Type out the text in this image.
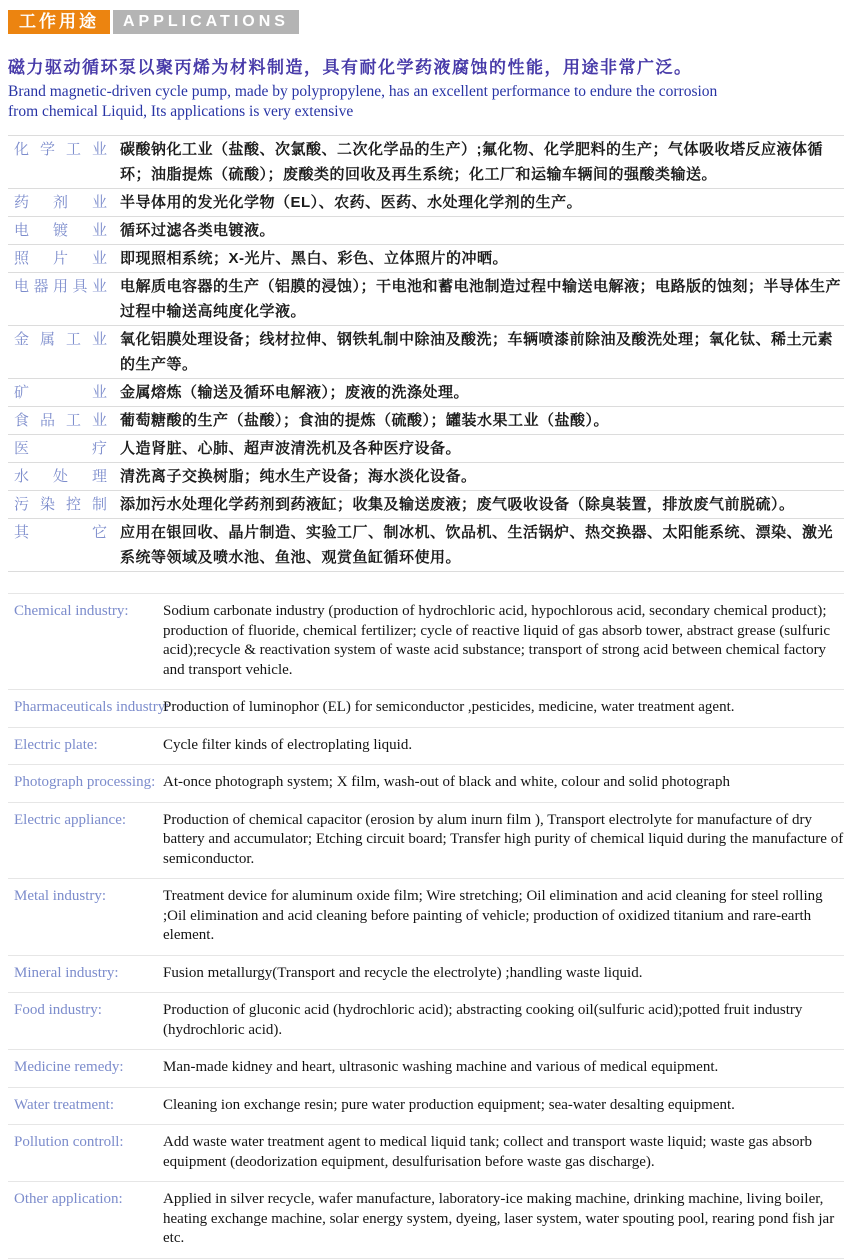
工作用途	APPLICATIONS
磁力驱动循环泵以聚丙烯为材料制造，具有耐化学药液腐蚀的性能，用途非常广泛。
Brand magnetic-driven cycle pump, made by polypropylene, has an excellent performance to endure the corrosion
from chemical Liquid, Its applications is very extensive
化学工业 碳酸钠化工业（盐酸、次氯酸、二次化学品的生产）;氟化物、化学肥料的生产；气体吸收塔反应液体循环；油脂提炼（硫酸）；废酸类的回收及再生系统；化工厂和运输车辆间的强酸类输送。
药剂业 半导体用的发光化学物（EL）、农药、医药、水处理化学剂的生产。
电镀业 循环过滤各类电镀液。
照片业 即现照相系统；X-光片、黑白、彩色、立体照片的冲晒。
电器用具业 电解质电容器的生产（铝膜的浸蚀）；干电池和蓄电池制造过程中输送电解液；电路版的蚀刻；半导体生产过程中输送高纯度化学液。
金属工业 氧化铝膜处理设备；线材拉伸、钢铁轧制中除油及酸洗；车辆喷漆前除油及酸洗处理；氧化钛、稀土元素的生产等。
矿业 金属熔炼（输送及循环电解液）；废液的洗涤处理。
食品工业 葡萄糖酸的生产（盐酸）；食油的提炼（硫酸）；罐装水果工业（盐酸）。
医疗 人造肾脏、心肺、超声波清洗机及各种医疗设备。
水处理 清洗离子交换树脂；纯水生产设备；海水淡化设备。
污染控制 添加污水处理化学药剂到药液缸；收集及输送废液；废气吸收设备（除臭装置，排放废气前脱硫）。
其它 应用在银回收、晶片制造、实验工厂、制冰机、饮品机、生活锅炉、热交换器、太阳能系统、漂染、激光系统等领域及喷水池、鱼池、观赏鱼缸循环使用。
Chemical industry:	Sodium carbonate industry (production of hydrochloric acid, hypochlorous acid, secondary chemical product); production of fluoride, chemical fertilizer; cycle of reactive liquid of gas absorb tower, abstract grease (sulfuric acid);recycle & reactivation system of waste acid substance; transport of strong acid between chemical factory and transport vehicle.
Pharmaceuticals industry:
Production of luminophor (EL) for semiconductor ,pesticides, medicine, water treatment agent.
Electric plate:	Cycle filter kinds of electroplating liquid.
Photograph processing: At-once photograph system; X film, wash-out of black and white, colour and solid photograph
Electric appliance:	Production of chemical capacitor (erosion by alum inurn film ), Transport electrolyte for manufacture of dry battery and accumulator; Etching circuit board; Transfer high purity of chemical liquid during the manufacture of semiconductor.
Metal industry:	Treatment device for aluminum oxide film; Wire stretching; Oil elimination and acid cleaning for steel rolling ;Oil elimination and acid cleaning before painting of vehicle; production of oxidized titanium and rare-earth element.
Mineral industry:	Fusion metallurgy(Transport and recycle the electrolyte) ;handling waste liquid.
Food industry:	Production of gluconic acid (hydrochloric acid); abstracting cooking oil(sulfuric acid);potted fruit industry (hydrochloric acid).
Medicine remedy:	Man-made kidney and heart, ultrasonic washing machine and various of medical equipment.
Water treatment:	Cleaning ion exchange resin; pure water production equipment; sea-water desalting equipment.
Pollution controll:	Add waste water treatment agent to medical liquid tank; collect and transport waste liquid; waste gas absorb equipment (deodorization equipment, desulfurisation before waste gas discharge).
Other application:	Applied in silver recycle, wafer manufacture, laboratory-ice making machine, drinking machine, living boiler, heating exchange machine, solar energy system, dyeing, laser system, water spouting pool, rearing pond fish jar etc.
